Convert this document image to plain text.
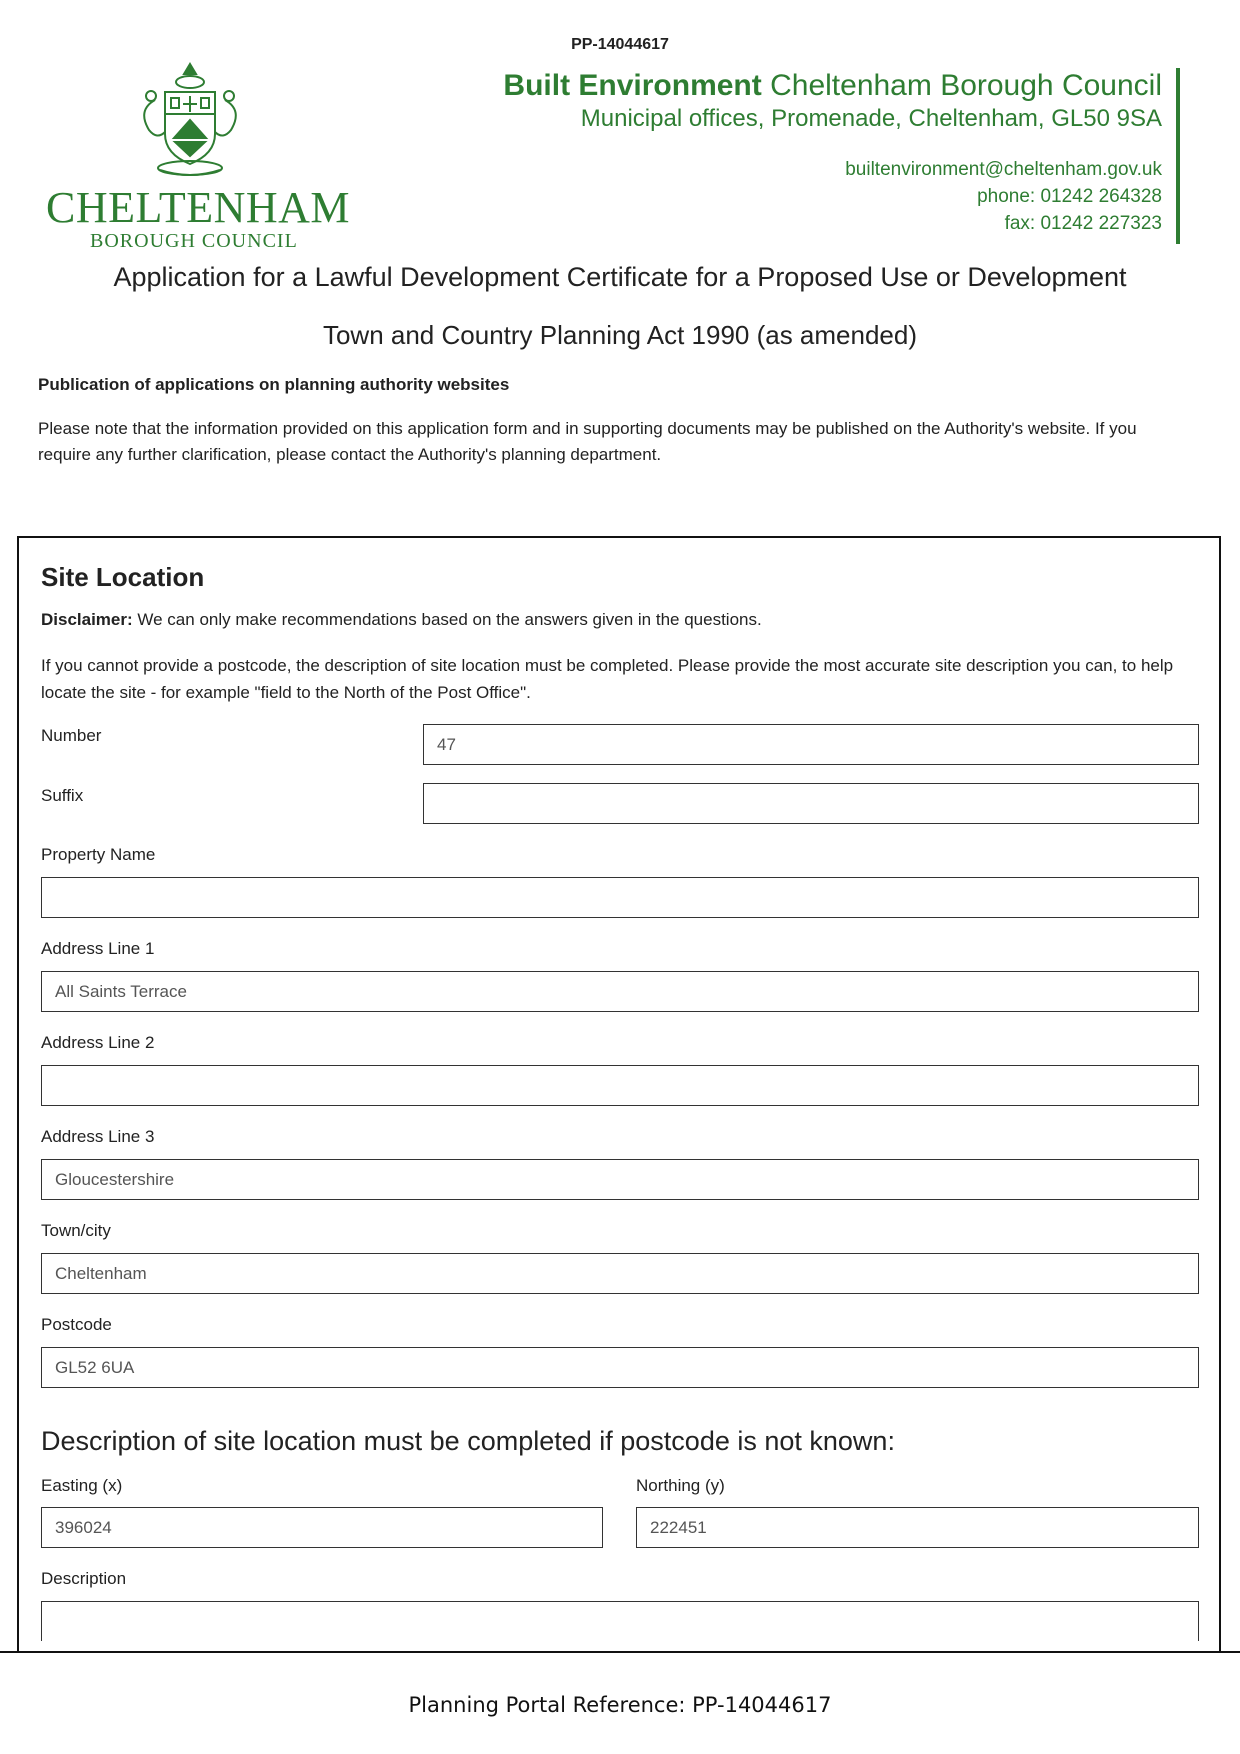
PP-14044617
CHELTENHAM
BOROUGH COUNCIL
Built Environment Cheltenham Borough Council
Municipal offices, Promenade, Cheltenham, GL50 9SA
builtenvironment@cheltenham.gov.uk
phone: 01242 264328
fax: 01242 227323
Application for a Lawful Development Certificate for a Proposed Use or Development
Town and Country Planning Act 1990 (as amended)
Publication of applications on planning authority websites
Please note that the information provided on this application form and in supporting documents may be published on the Authority's website. If you require any further clarification, please contact the Authority's planning department.
Site Location
Disclaimer: We can only make recommendations based on the answers given in the questions.
If you cannot provide a postcode, the description of site location must be completed. Please provide the most accurate site description you can, to help locate the site - for example "field to the North of the Post Office".
Number	47
Suffix
Property Name
Address Line 1
All Saints Terrace
Address Line 2
Address Line 3
Gloucestershire
Town/city
Cheltenham
Postcode
GL52 6UA
Description of site location must be completed if postcode is not known:
Easting (x)
396024
Northing (y)
222451
Description
Planning Portal Reference: PP-14044617
